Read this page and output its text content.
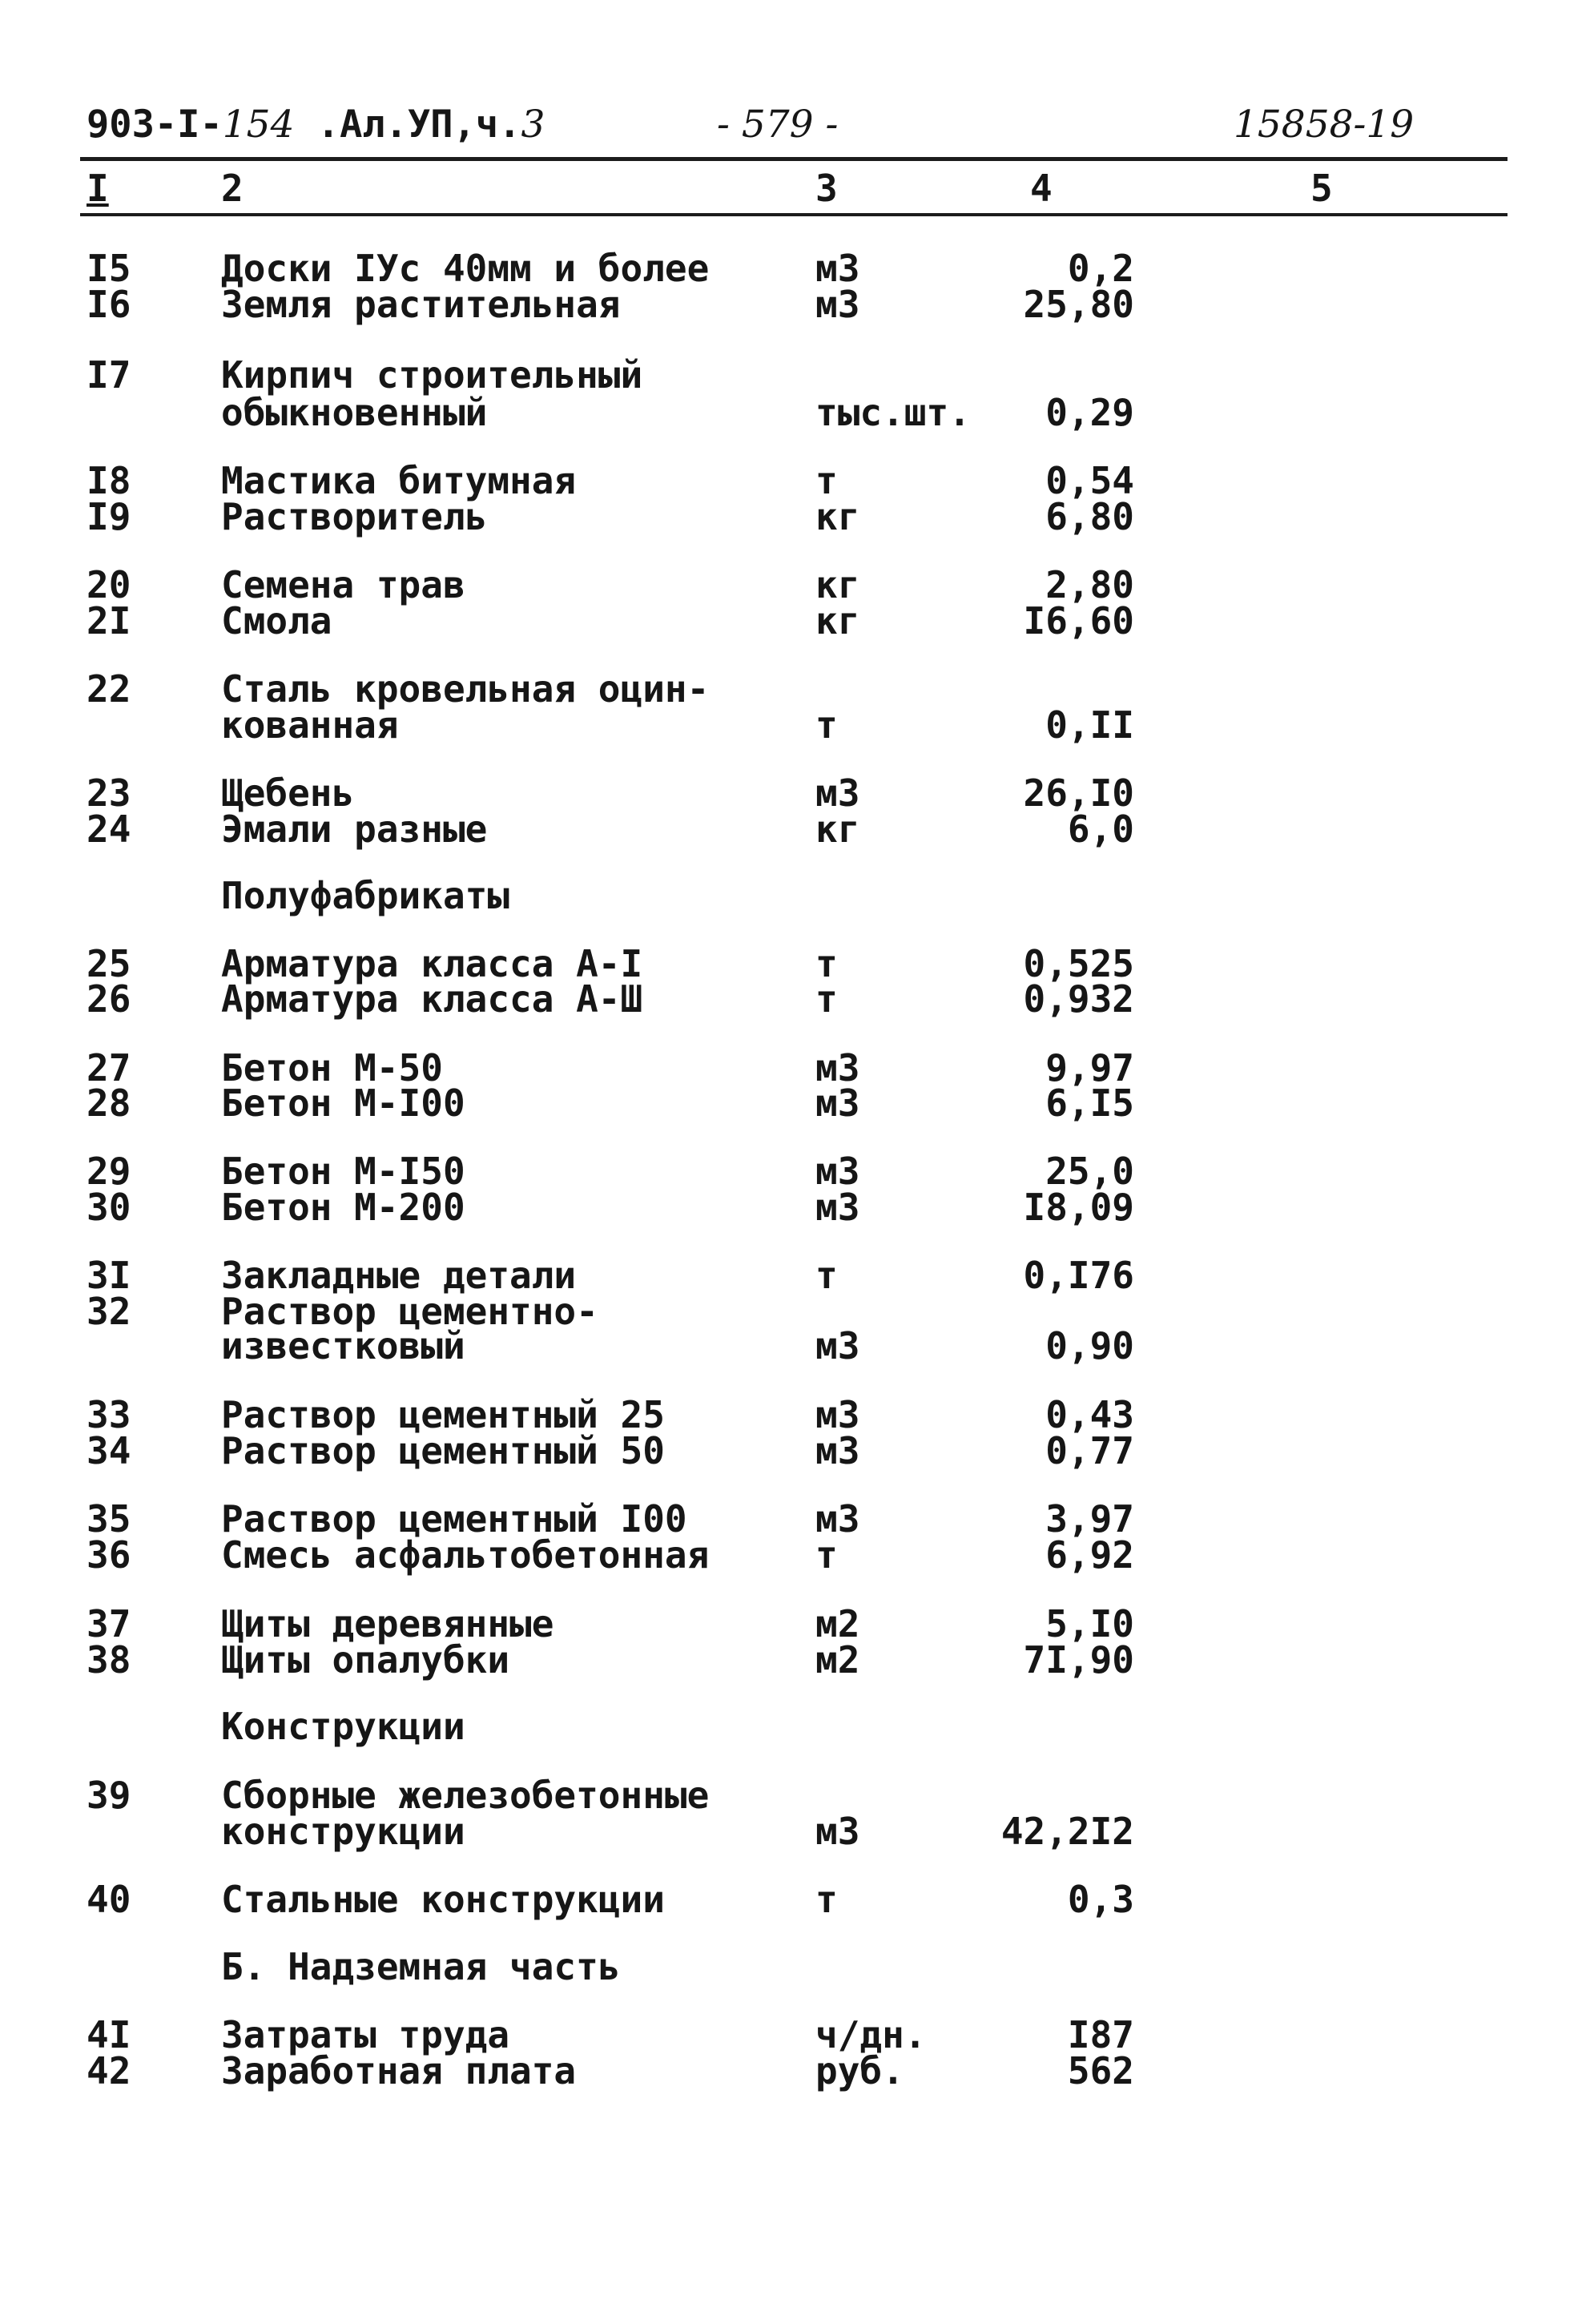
903-I-154 .Ал.УП,ч.3	- 579 -	15858-19
I	2	3	4	5
I5 Доски IУс 40мм и более	м3	0,2
I6 Земля растительная	м3	25,80
I7 Кирпич строительный
обыкновенный	тыс.шт.	0,29
I8 Мастика битумная	т	0,54
I9 Растворитель	кг	6,80
20 Семена трав	кг	2,80
2I Смола	кг	I6,60
22 Сталь кровельная оцин-
кованная	т	0,II
23 Щебень	м3	26,I0
24 Эмали разные	кг	6,0
Полуфабрикаты
25 Арматура класса А-I	т	0,525
26 Арматура класса А-Ш	т	0,932
27 Бетон М-50	м3	9,97
28 Бетон М-I00	м3	6,I5
29 Бетон М-I50	м3	25,0
30 Бетон М-200	м3	I8,09
3I Закладные детали	т	0,I76
32 Раствор цементно-
известковый	м3	0,90
33 Раствор цементный 25	м3	0,43
34 Раствор цементный 50	м3	0,77
35 Раствор цементный I00	м3	3,97
36 Смесь асфальтобетонная	т	6,92
37 Щиты деревянные	м2	5,I0
38 Щиты опалубки	м2	7I,90
Конструкции
39 Сборные железобетонные
конструкции	м3	42,2I2
40 Стальные конструкции	т	0,3
Б. Надземная часть
4I Затраты труда	ч/дн.	I87
42 Заработная плата	руб.	562
